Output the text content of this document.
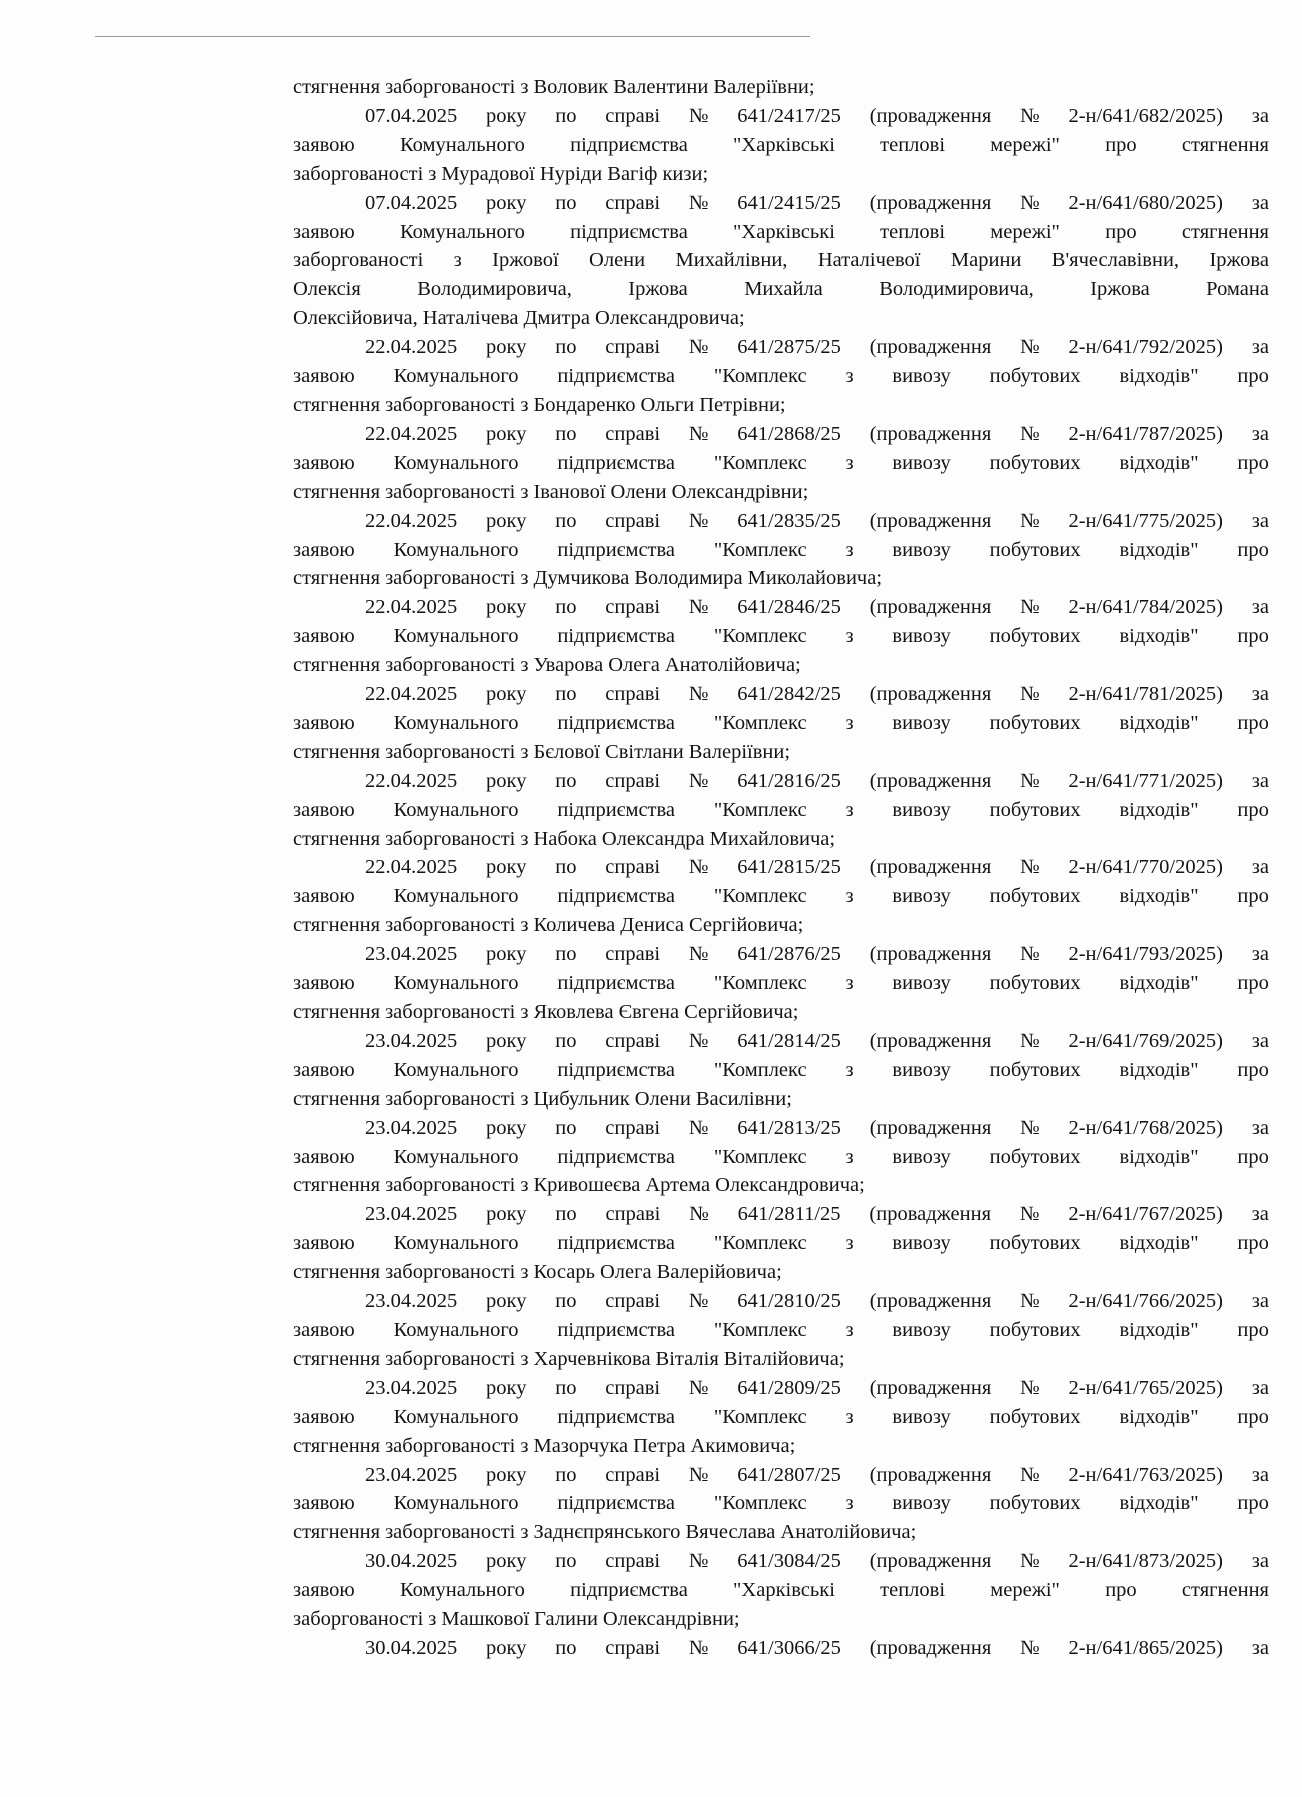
стягнення заборгованості з Воловик Валентини Валеріївни;
07.04.2025 року по справі № 641/2417/25 (провадження № 2-н/641/682/2025) за
заявою Комунального підприємства "Харківські теплові мережі" про стягнення
заборгованості з Мурадової Нуріди Вагіф кизи;
07.04.2025 року по справі № 641/2415/25 (провадження № 2-н/641/680/2025) за
заявою Комунального підприємства "Харківські теплові мережі" про стягнення
заборгованості з Іржової Олени Михайлівни, Наталічевої Марини В'ячеславівни, Іржова
Олексія	Володимировича,	Іржова	Михайла	Володимировича,	Іржова	Романа
Олексійовича, Наталічева Дмитра Олександровича;
22.04.2025 року по справі № 641/2875/25 (провадження № 2-н/641/792/2025) за
заявою Комунального підприємства "Комплекс з вивозу побутових відходів" про
стягнення заборгованості з Бондаренко Ольги Петрівни;
22.04.2025 року по справі № 641/2868/25 (провадження № 2-н/641/787/2025) за
заявою Комунального підприємства "Комплекс з вивозу побутових відходів" про
стягнення заборгованості з Іванової Олени Олександрівни;
22.04.2025 року по справі № 641/2835/25 (провадження № 2-н/641/775/2025) за
заявою Комунального підприємства "Комплекс з вивозу побутових відходів" про
стягнення заборгованості з Думчикова Володимира Миколайовича;
22.04.2025 року по справі № 641/2846/25 (провадження № 2-н/641/784/2025) за
заявою Комунального підприємства "Комплекс з вивозу побутових відходів" про
стягнення заборгованості з Уварова Олега Анатолійовича;
22.04.2025 року по справі № 641/2842/25 (провадження № 2-н/641/781/2025) за
заявою Комунального підприємства "Комплекс з вивозу побутових відходів" про
стягнення заборгованості з Бєлової Світлани Валеріївни;
22.04.2025 року по справі № 641/2816/25 (провадження № 2-н/641/771/2025) за
заявою Комунального підприємства "Комплекс з вивозу побутових відходів" про
стягнення заборгованості з Набока Олександра Михайловича;
22.04.2025 року по справі № 641/2815/25 (провадження № 2-н/641/770/2025) за
заявою Комунального підприємства "Комплекс з вивозу побутових відходів" про
стягнення заборгованості з Количева Дениса Сергійовича;
23.04.2025 року по справі № 641/2876/25 (провадження № 2-н/641/793/2025) за
заявою Комунального підприємства "Комплекс з вивозу побутових відходів" про
стягнення заборгованості з Яковлева Євгена Сергійовича;
23.04.2025 року по справі № 641/2814/25 (провадження № 2-н/641/769/2025) за
заявою Комунального підприємства "Комплекс з вивозу побутових відходів" про
стягнення заборгованості з Цибульник Олени Василівни;
23.04.2025 року по справі № 641/2813/25 (провадження № 2-н/641/768/2025) за
заявою Комунального підприємства "Комплекс з вивозу побутових відходів" про
стягнення заборгованості з Кривошеєва Артема Олександровича;
23.04.2025 року по справі № 641/2811/25 (провадження № 2-н/641/767/2025) за
заявою Комунального підприємства "Комплекс з вивозу побутових відходів" про
стягнення заборгованості з Косарь Олега Валерійовича;
23.04.2025 року по справі № 641/2810/25 (провадження № 2-н/641/766/2025) за
заявою Комунального підприємства "Комплекс з вивозу побутових відходів" про
стягнення заборгованості з Харчевнікова Віталія Віталійовича;
23.04.2025 року по справі № 641/2809/25 (провадження № 2-н/641/765/2025) за
заявою Комунального підприємства "Комплекс з вивозу побутових відходів" про
стягнення заборгованості з Мазорчука Петра Акимовича;
23.04.2025 року по справі № 641/2807/25 (провадження № 2-н/641/763/2025) за
заявою Комунального підприємства "Комплекс з вивозу побутових відходів" про
стягнення заборгованості з Заднєпрянського Вячеслава Анатолійовича;
30.04.2025 року по справі № 641/3084/25 (провадження № 2-н/641/873/2025) за
заявою Комунального підприємства "Харківські теплові мережі" про стягнення
заборгованості з Машкової Галини Олександрівни;
30.04.2025 року по справі № 641/3066/25 (провадження № 2-н/641/865/2025) за
